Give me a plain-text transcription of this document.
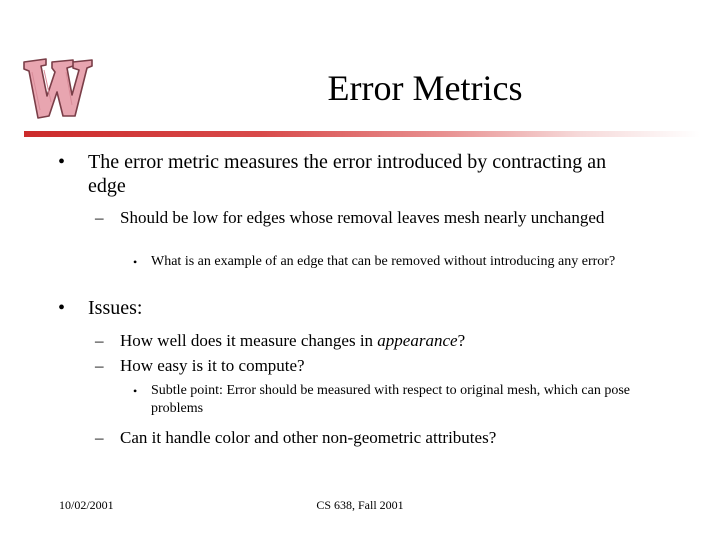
Error Metrics
• The error metric measures the error introduced by contracting an edge
– Should be low for edges whose removal leaves mesh nearly unchanged
• What is an example of an edge that can be removed without introducing any error?
• Issues:
– How well does it measure changes in appearance?
– How easy is it to compute?
• Subtle point: Error should be measured with respect to original mesh, which can pose problems
– Can it handle color and other non-geometric attributes?
10/02/2001	CS 638, Fall 2001
